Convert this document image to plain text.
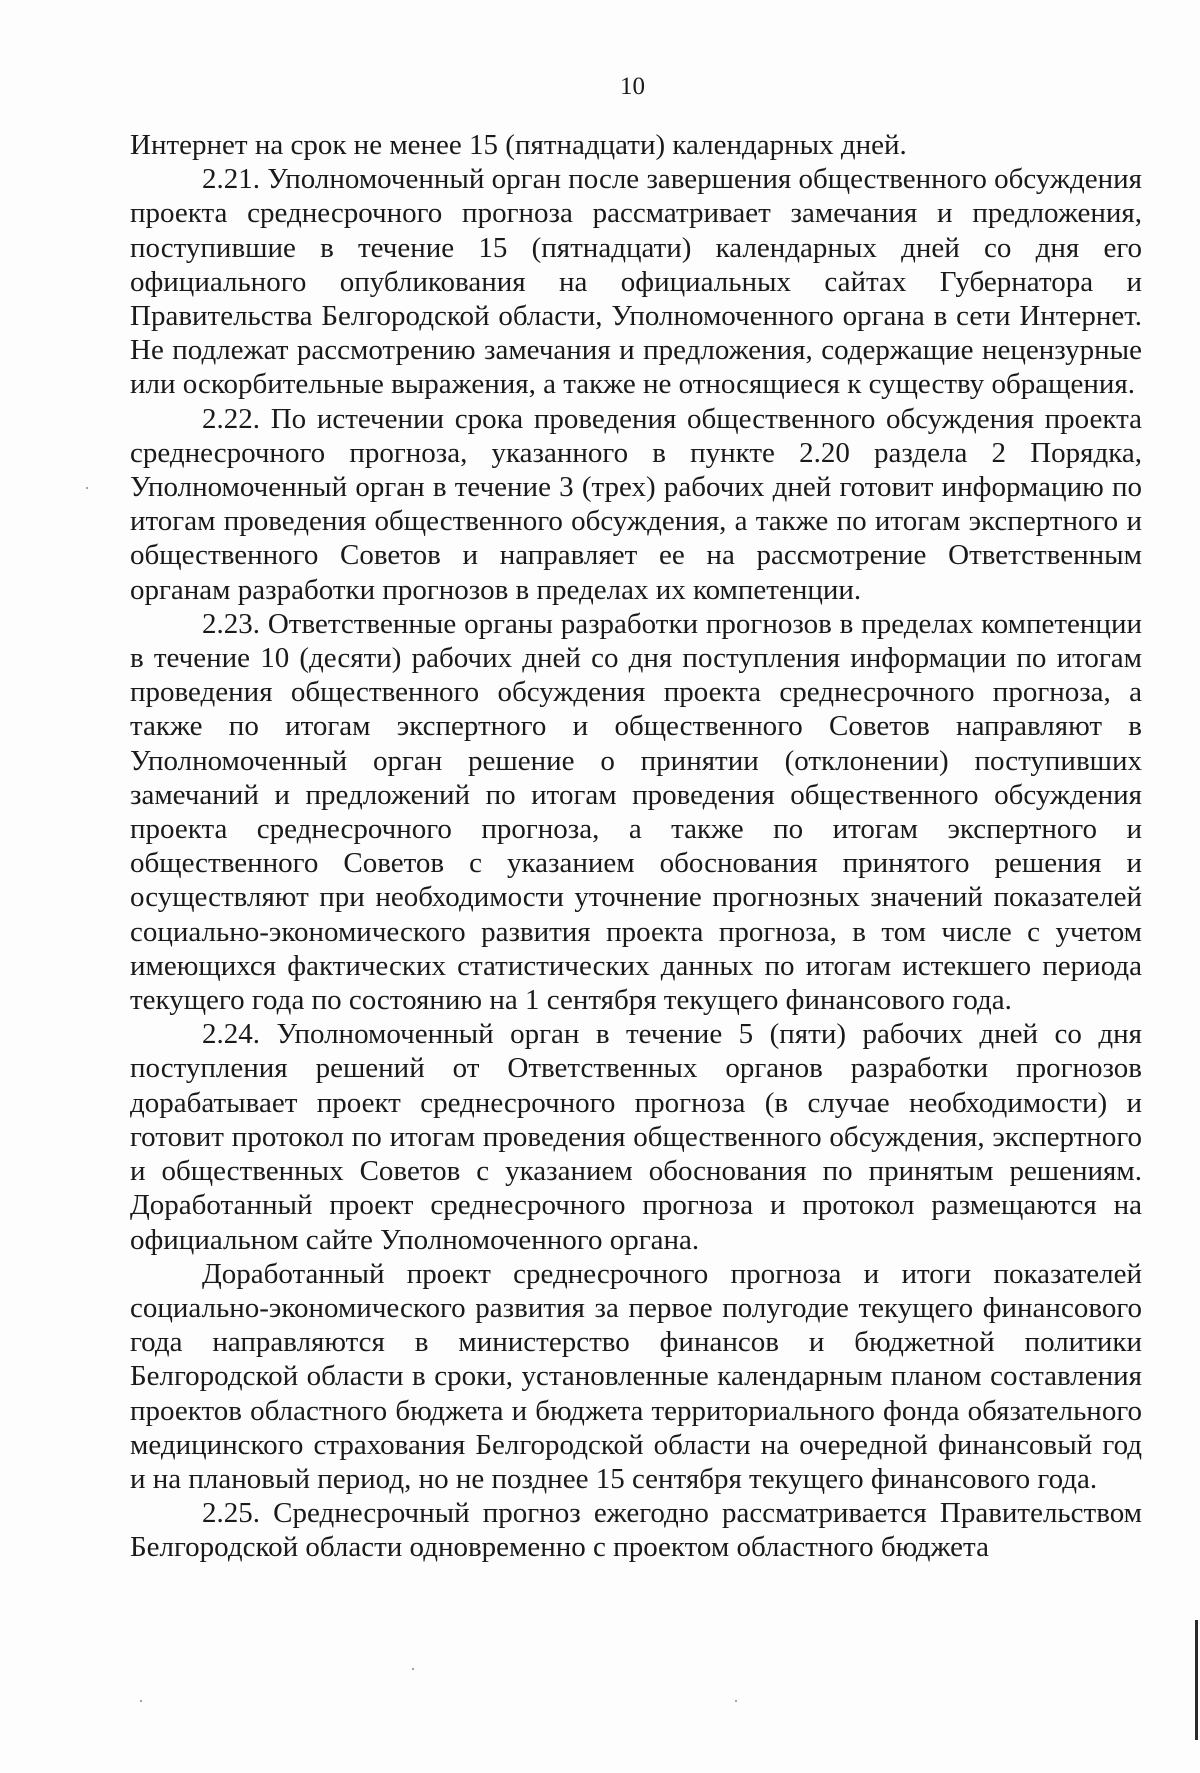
10

Интернет на срок не менее 15 (пятнадцати) календарных дней.

2.21. Уполномоченный орган после завершения общественного обсуждения проекта среднесрочного прогноза рассматривает замечания и предложения, поступившие в течение 15 (пятнадцати) календарных дней со дня его официального опубликования на официальных сайтах Губернатора и Правительства Белгородской области, Уполномоченного органа в сети Интернет. Не подлежат рассмотрению замечания и предложения, содержащие нецензурные или оскорбительные выражения, а также не относящиеся к существу обращения.

2.22. По истечении срока проведения общественного обсуждения проекта среднесрочного прогноза, указанного в пункте 2.20 раздела 2 Порядка, Уполномоченный орган в течение 3 (трех) рабочих дней готовит информацию по итогам проведения общественного обсуждения, а также по итогам экспертного и общественного Советов и направляет ее на рассмотрение Ответственным органам разработки прогнозов в пределах их компетенции.

2.23. Ответственные органы разработки прогнозов в пределах компетенции в течение 10 (десяти) рабочих дней со дня поступления информации по итогам проведения общественного обсуждения проекта среднесрочного прогноза, а также по итогам экспертного и общественного Советов направляют в Уполномоченный орган решение о принятии (отклонении) поступивших замечаний и предложений по итогам проведения общественного обсуждения проекта среднесрочного прогноза, а также по итогам экспертного и общественного Советов с указанием обоснования принятого решения и осуществляют при необходимости уточнение прогнозных значений показателей социально-экономического развития проекта прогноза, в том числе с учетом имеющихся фактических статистических данных по итогам истекшего периода текущего года по состоянию на 1 сентября текущего финансового года.

2.24. Уполномоченный орган в течение 5 (пяти) рабочих дней со дня поступления решений от Ответственных органов разработки прогнозов дорабатывает проект среднесрочного прогноза (в случае необходимости) и готовит протокол по итогам проведения общественного обсуждения, экспертного и общественных Советов с указанием обоснования по принятым решениям. Доработанный проект среднесрочного прогноза и протокол размещаются на официальном сайте Уполномоченного органа.

Доработанный проект среднесрочного прогноза и итоги показателей социально-экономического развития за первое полугодие текущего финансового года направляются в министерство финансов и бюджетной политики Белгородской области в сроки, установленные календарным планом составления проектов областного бюджета и бюджета территориального фонда обязательного медицинского страхования Белгородской области на очередной финансовый год и на плановый период, но не позднее 15 сентября текущего финансового года.

2.25. Среднесрочный прогноз ежегодно рассматривается Правительством Белгородской области одновременно с проектом областного бюджета
